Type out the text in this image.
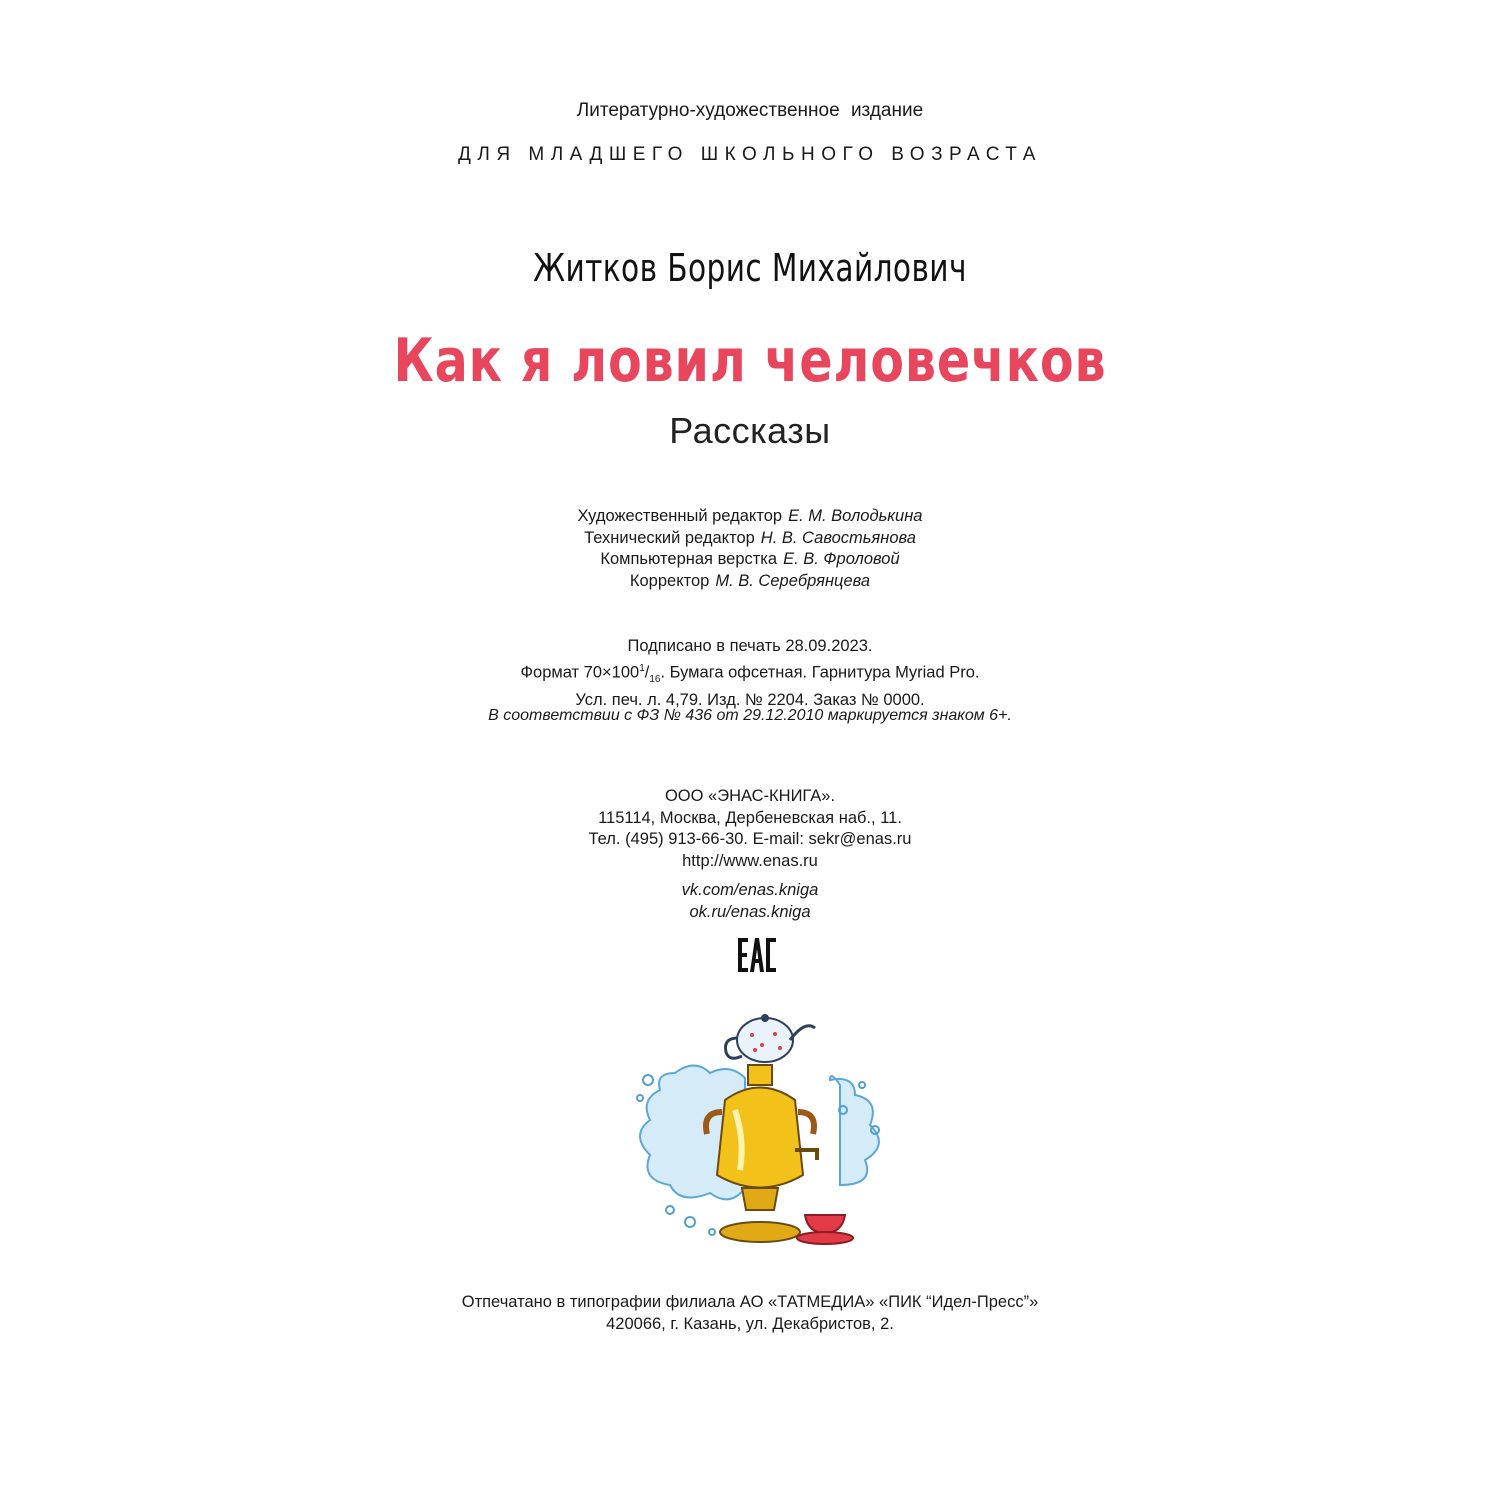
Литературно-художественное издание
ДЛЯ МЛАДШЕГО ШКОЛЬНОГО ВОЗРАСТА
Житков Борис Михайлович
Как я ловил человечков
Рассказы
Художественный редактор Е. М. Володькина
Технический редактор Н. В. Савостьянова
Компьютерная верстка Е. В. Фроловой
Корректор М. В. Серебрянцева
Подписано в печать 28.09.2023.
Формат $70\times 100^1/_{16}$. Бумага офсетная. Гарнитура Myriad Pro.
Усл. печ. л. 4,79. Изд. № 2204. Заказ № 0000.
В соответствии с ФЗ № 436 от 29.12.2010 маркируется знаком 6+.
ООО «ЭНАС-КНИГА».
115114, Москва, Дербеневская наб., 11.
Тел. (495) 913-66-30. E-mail: sekr@enas.ru
http://www.enas.ru
vk.com/enas.kniga
ok.ru/enas.kniga
Отпечатано в типографии филиала АО «ТАТМЕДИА» «ПИК “Идел-Пресс”»
420066, г. Казань, ул. Декабристов, 2.
